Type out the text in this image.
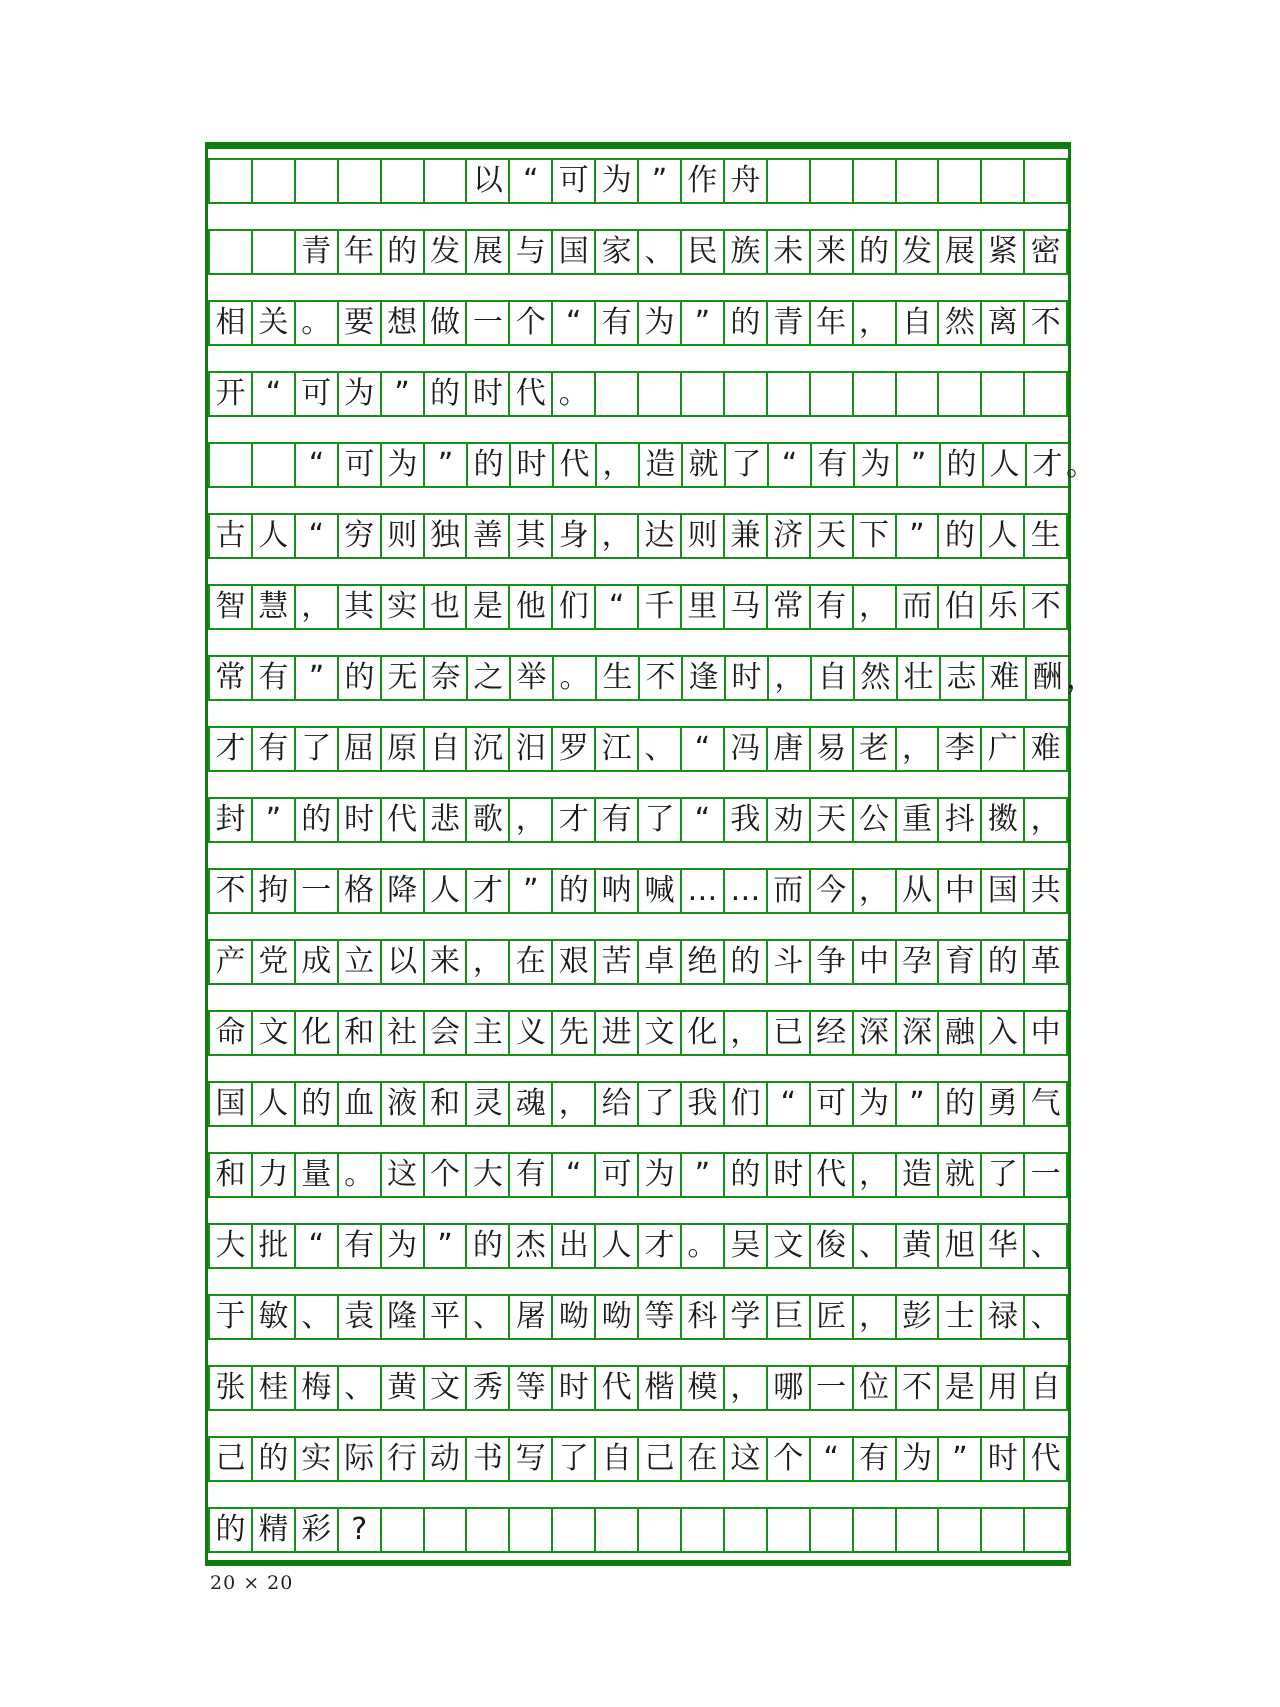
以 “ 可 为 ” 作 舟
青 年 的 发 展 与 国 家 、 民 族 未 来 的 发 展 紧 密
相 关 。 要 想 做 一 个 “ 有 为 ” 的 青 年 ， 自 然 离 不
开 “ 可 为 ” 的 时 代 。
“ 可 为 ” 的 时 代 ， 造 就 了 “ 有 为 ” 的 人 才 。
古 人 “ 穷 则 独 善 其 身 ， 达 则 兼 济 天 下 ” 的 人 生
智 慧 ， 其 实 也 是 他 们 “ 千 里 马 常 有 ， 而 伯 乐 不
常 有 ” 的 无 奈 之 举 。 生 不 逢 时 ， 自 然 壮 志 难 酬 ，
才 有 了 屈 原 自 沉 汨 罗 江 、 “ 冯 唐 易 老 ， 李 广 难
封 ” 的 时 代 悲 歌 ， 才 有 了 “ 我 劝 天 公 重 抖 擞 ，
不 拘 一 格 降 人 才 ” 的 呐 喊 … … 而 今 ， 从 中 国 共
产 党 成 立 以 来 ， 在 艰 苦 卓 绝 的 斗 争 中 孕 育 的 革
命 文 化 和 社 会 主 义 先 进 文 化 ， 已 经 深 深 融 入 中
国 人 的 血 液 和 灵 魂 ， 给 了 我 们 “ 可 为 ” 的 勇 气
和 力 量 。 这 个 大 有 “ 可 为 ” 的 时 代 ， 造 就 了 一
大 批 “ 有 为 ” 的 杰 出 人 才 。 吴 文 俊 、 黄 旭 华 、
于 敏 、 袁 隆 平 、 屠 呦 呦 等 科 学 巨 匠 ， 彭 士 禄 、
张 桂 梅 、 黄 文 秀 等 时 代 楷 模 ， 哪 一 位 不 是 用 自
己 的 实 际 行 动 书 写 了 自 己 在 这 个 “ 有 为 ” 时 代
的 精 彩 ?
20 × 20
